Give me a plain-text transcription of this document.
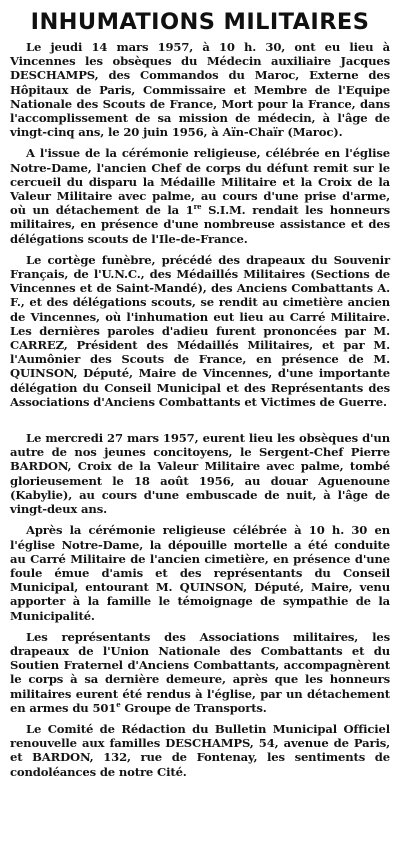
INHUMATIONS MILITAIRES

Le jeudi 14 mars 1957, à 10 h. 30, ont eu lieu à Vincennes les obsèques du Médecin auxiliaire Jacques DESCHAMPS, des Commandos du Maroc, Externe des Hôpitaux de Paris, Commissaire et Membre de l'Equipe Nationale des Scouts de France, Mort pour la France, dans l'accomplissement de sa mission de médecin, à l'âge de vingt-cinq ans, le 20 juin 1956, à Aïn-Chaïr (Maroc).

A l'issue de la cérémonie religieuse, célébrée en l'église Notre-Dame, l'ancien Chef de corps du défunt remit sur le cercueil du disparu la Médaille Militaire et la Croix de la Valeur Militaire avec palme, au cours d'une prise d'arme, où un détachement de la 1re S.I.M. rendait les honneurs militaires, en présence d'une nombreuse assistance et des délégations scouts de l'Ile-de-France.

Le cortège funèbre, précédé des drapeaux du Souvenir Français, de l'U.N.C., des Médaillés Militaires (Sections de Vincennes et de Saint-Mandé), des Anciens Combattants A. F., et des délégations scouts, se rendit au cimetière ancien de Vincennes, où l'inhumation eut lieu au Carré Militaire. Les dernières paroles d'adieu furent prononcées par M. CARREZ, Président des Médaillés Militaires, et par M. l'Aumônier des Scouts de France, en présence de M. QUINSON, Député, Maire de Vincennes, d'une importante délégation du Conseil Municipal et des Représentants des Associations d'Anciens Combattants et Victimes de Guerre.

Le mercredi 27 mars 1957, eurent lieu les obsèques d'un autre de nos jeunes concitoyens, le Sergent-Chef Pierre BARDON, Croix de la Valeur Militaire avec palme, tombé glorieusement le 18 août 1956, au douar Aguenoune (Kabylie), au cours d'une embuscade de nuit, à l'âge de vingt-deux ans.

Après la cérémonie religieuse célébrée à 10 h. 30 en l'église Notre-Dame, la dépouille mortelle a été conduite au Carré Militaire de l'ancien cimetière, en présence d'une foule émue d'amis et des représentants du Conseil Municipal, entourant M. QUINSON, Député, Maire, venu apporter à la famille le témoignage de sympathie de la Municipalité.

Les représentants des Associations militaires, les drapeaux de l'Union Nationale des Combattants et du Soutien Fraternel d'Anciens Combattants, accompagnèrent le corps à sa dernière demeure, après que les honneurs militaires eurent été rendus à l'église, par un détachement en armes du 501e Groupe de Transports.

Le Comité de Rédaction du Bulletin Municipal Officiel renouvelle aux familles DESCHAMPS, 54, avenue de Paris, et BARDON, 132, rue de Fontenay, les sentiments de condoléances de notre Cité.
